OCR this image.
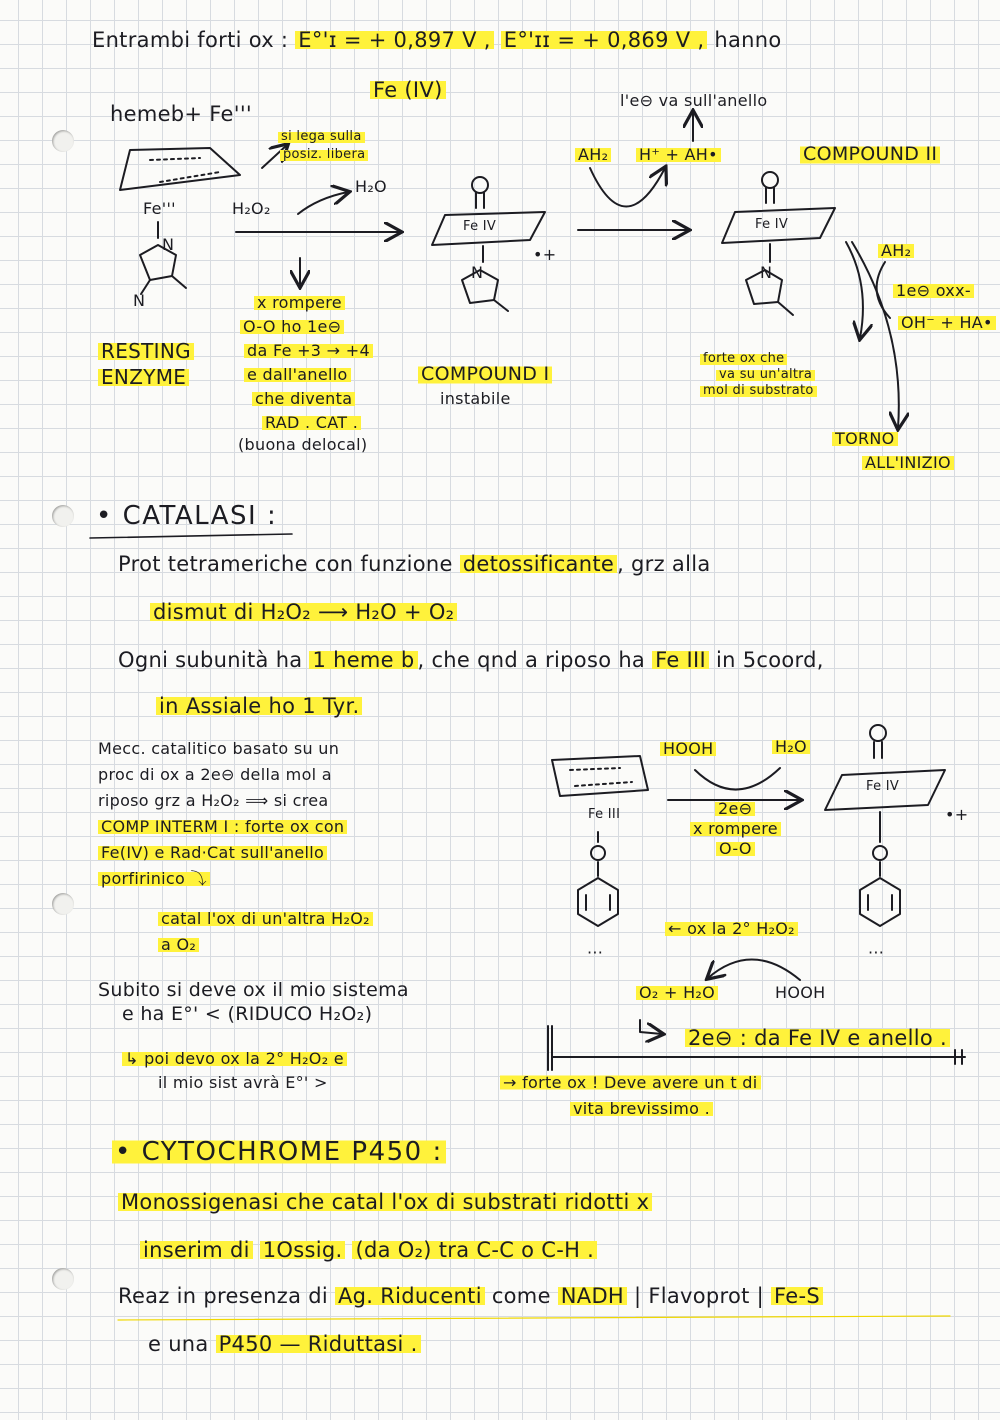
Entrambi forti ox : E°'ɪ = + 0,897 V , E°'ɪɪ = + 0,869 V , hanno
Fe (IV)
hemeb+ Fe'''
Fe'''
N
N
RESTING
ENZYME
si lega sulla
posiz. libera
H₂O₂
H₂O
x rompere
O-O ho 1e⊖
da Fe +3 → +4
e dall'anello
che diventa
RAD . CAT .
(buona delocal)
Fe IV
•+
N
COMPOUND I
instabile
l'e⊖ va sull'anello
AH₂ H⁺ + AH•	COMPOUND II
Fe IV
N
forte ox che
va su un'altra
mol di substrato
AH₂
1e⊖ oxx-
OH⁻ + HA•
TORNO
ALL'INIZIO
• CATALASI :
Prot tetrameriche con funzione detossificante , grz alla
dismut di H₂O₂ ⟶ H₂O + O₂
Ogni subunità ha 1 heme b , che qnd a riposo ha Fe III in 5coord,
in Assiale ho 1 Tyr.
Mecc. catalitico basato su un
proc di ox a 2e⊖ della mol a
riposo grz a H₂O₂ ⟹ si crea
COMP INTERM I : forte ox con
Fe(IV) e Rad·Cat sull'anello
porfirinico ⤵
catal l'ox di un'altra H₂O₂
a O₂
Fe III
···
HOOH	H₂O
2e⊖
x rompere
O-O
Fe IV
•+
···
← ox la 2° H₂O₂
O₂ + H₂O	HOOH
2e⊖ : da Fe IV e anello .
Subito si deve ox il mio sistema
e ha E°' < (RIDUCO H₂O₂)
↳ poi devo ox la 2° H₂O₂ e
il mio sist avrà E°' >	→ forte ox ! Deve avere un t di
vita brevissimo .
• CYTOCHROME P450 :
Monossigenasi che catal l'ox di substrati ridotti x
inserim di 1Ossig. (da O₂) tra C-C o C-H .
Reaz in presenza di Ag. Riducenti come NADH | Flavoprot | Fe-S
e una P450 — Riduttasi .
